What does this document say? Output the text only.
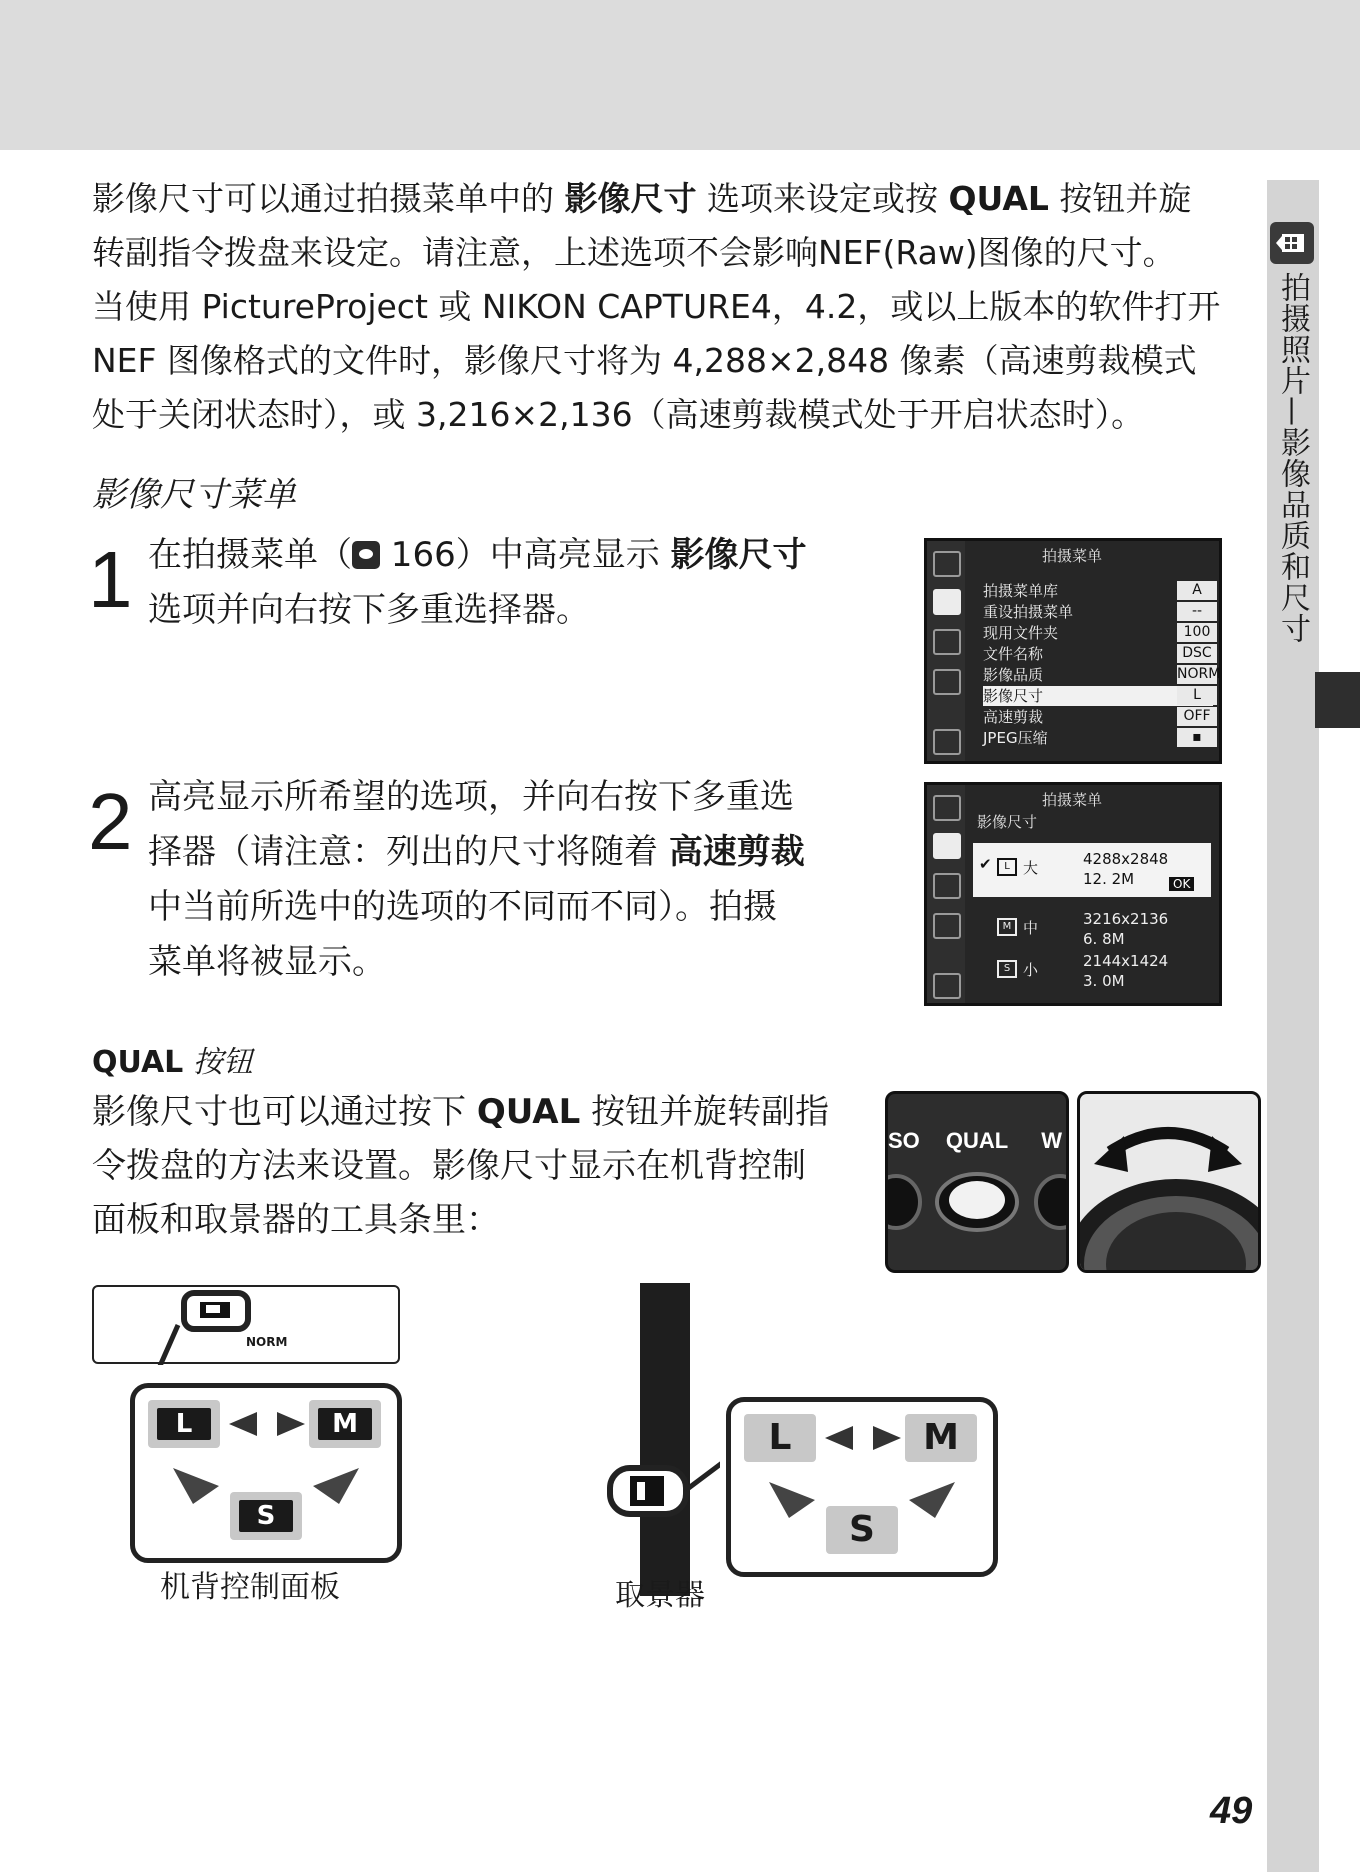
拍摄照片—影像品质和尺寸

影像尺寸可以通过拍摄菜单中的 影像尺寸 选项来设定或按 QUAL 按钮并旋

转副指令拨盘来设定。请注意，上述选项不会影响NEF(Raw)图像的尺寸。

当使用 PictureProject 或 NIKON CAPTURE4，4.2，或以上版本的软件打开

NEF 图像格式的文件时，影像尺寸将为 4,288×2,848 像素（高速剪裁模式

处于关闭状态时），或 3,216×2,136（高速剪裁模式处于开启状态时）。

影像尺寸菜单
1 在拍摄菜单（ 166）中高亮显示 影像尺寸

选项并向右按下多重选择器。

拍摄菜单
拍摄菜单库	A
重设拍摄菜单	--
现用文件夹	100
文件名称	DSC
影像品质	NORM
影像尺寸	L
高速剪裁	OFF
JPEG压缩	▪
2 高亮显示所希望的选项，并向右按下多重选

择器（请注意：列出的尺寸将随着 高速剪裁

中当前所选中的选项的不同而不同）。拍摄

菜单将被显示。

拍摄菜单
影像尺寸
✔	L 大	4288x2848
12. 2M	OK
M 中	3216x2136
6. 8M
S 小	2144x1424
3. 0M
QUAL 按钮

影像尺寸也可以通过按下 QUAL 按钮并旋转副指

令拨盘的方法来设置。影像尺寸显示在机背控制

面板和取景器的工具条里：

QUAL
SO	W
NORM
L	M
S
机背控制面板
L	M
S
取景器
49
